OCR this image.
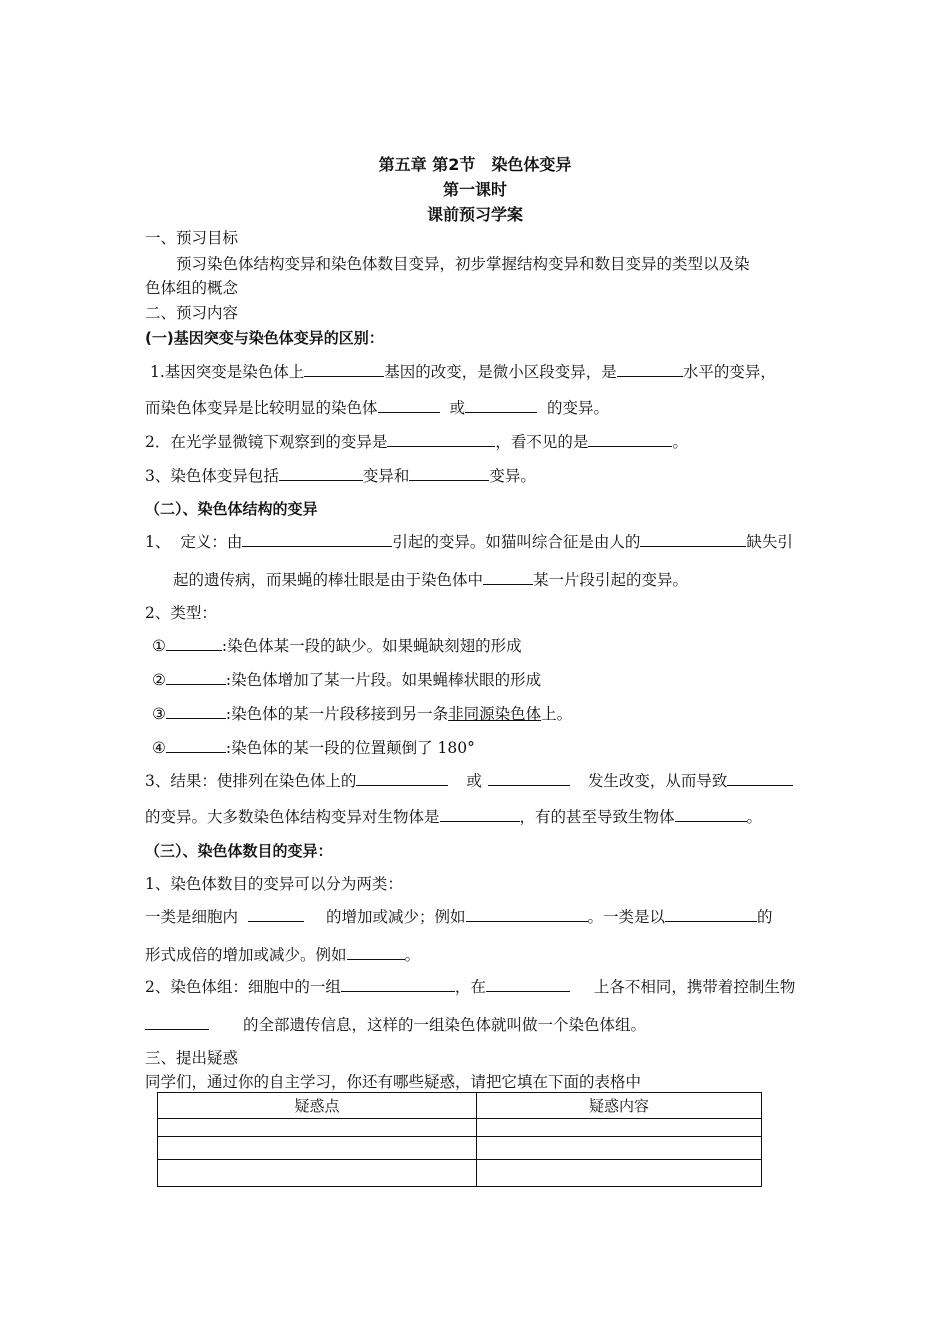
第五章 第2节　染色体变异
第一课时
课前预习学案
一、预习目标
预习染色体结构变异和染色体数目变异，初步掌握结构变异和数目变异的类型以及染
色体组的概念
二、预习内容
(一)基因突变与染色体变异的区别：
1.基因突变是染色体上	基因的改变，是微小区段变异，是	水平的变异，
而染色体变异是比较明显的染色体	或	的变异。
2．在光学显微镜下观察到的变异是	，看不见的是	。
3、染色体变异包括	变异和	变异。
（二）、染色体结构的变异
1、 定义：由	引起的变异。如猫叫综合征是由人的	缺失引
起的遗传病，而果蝇的棒壮眼是由于染色体中	某一片段引起的变异。
2、类型：
①	:染色体某一段的缺少。如果蝇缺刻翅的形成
②	:染色体增加了某一片段。如果蝇棒状眼的形成
③	:染色体的某一片段移接到另一条非同源染色体上。
④	:染色体的某一段的位置颠倒了 180°
3、结果：使排列在染色体上的	或	发生改变，从而导致
的变异。大多数染色体结构变异对生物体是	，有的甚至导致生物体	。
（三）、染色体数目的变异：
1、染色体数目的变异可以分为两类：
一类是细胞内	的增加或减少；例如	。一类是以	的
形式成倍的增加或减少。例如	。
2、染色体组：细胞中的一组	，在	上各不相同，携带着控制生物
的全部遗传信息，这样的一组染色体就叫做一个染色体组。
三、提出疑惑
同学们，通过你的自主学习，你还有哪些疑惑，请把它填在下面的表格中
疑惑点	疑惑内容
